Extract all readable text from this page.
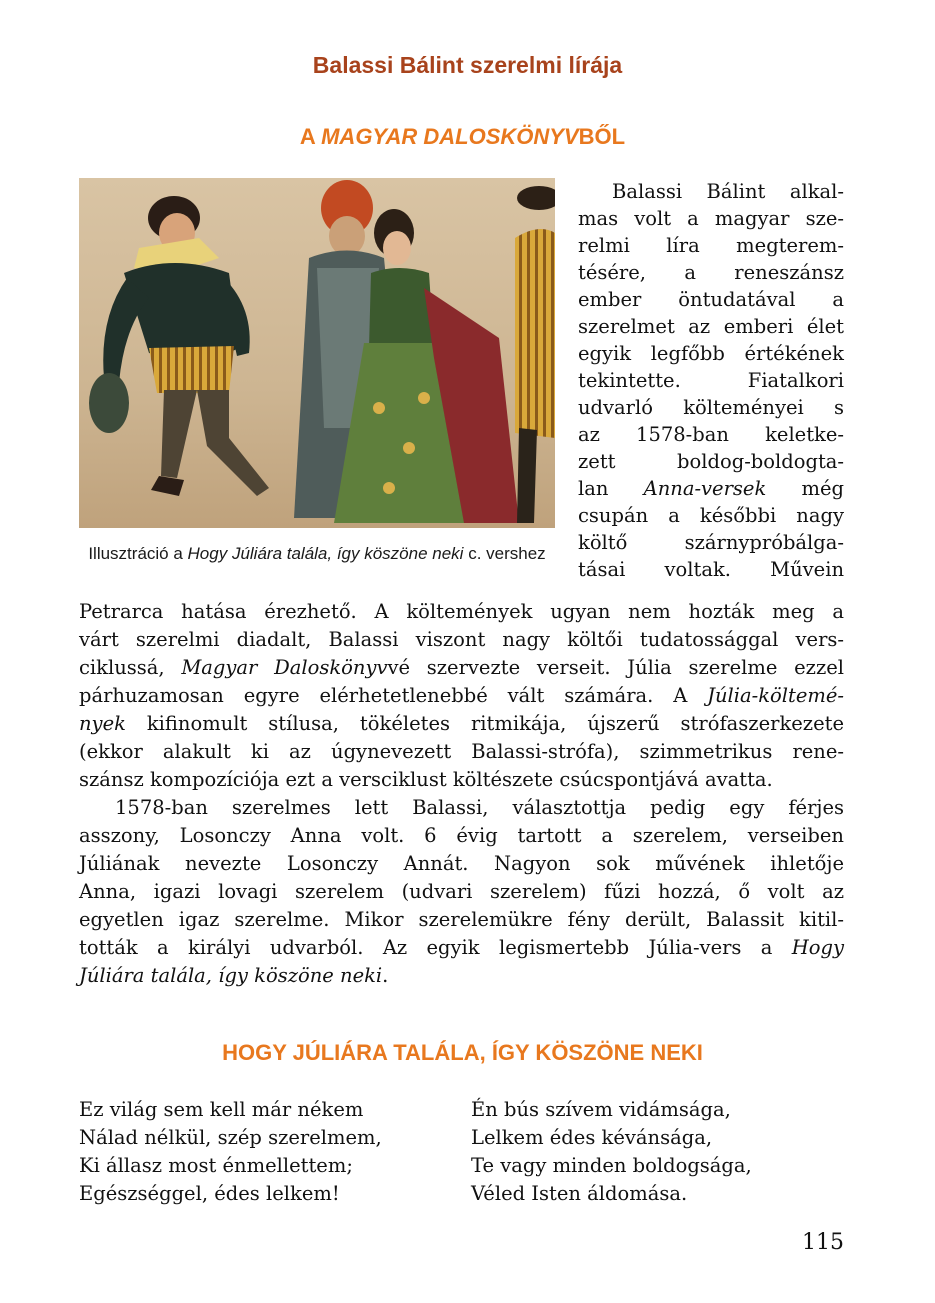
Balassi Bálint szerelmi lírája
A MAGYAR DALOSKÖNYVBŐL
Illusztráció a Hogy Júliára talála, így köszöne neki c. vershez
Balassi Bálint alkal-
mas volt a magyar sze-
relmi líra megterem-
tésére, a reneszánsz
ember öntudatával a
szerelmet az emberi élet
egyik legfőbb értékének
tekintette. Fiatalkori
udvarló költeményei s
az 1578-ban keletke-
zett boldog-boldogta-
lan Anna-versek még
csupán a későbbi nagy
költő szárnypróbálga-
tásai voltak. Művein
Petrarca hatása érezhető. A költemények ugyan nem hozták meg a
várt szerelmi diadalt, Balassi viszont nagy költői tudatossággal vers-
ciklussá, Magyar Daloskönyvvé szervezte verseit. Júlia szerelme ezzel
párhuzamosan egyre elérhetetlenebbé vált számára. A Júlia-költemé-
nyek kifinomult stílusa, tökéletes ritmikája, újszerű strófaszerkezete
(ekkor alakult ki az úgynevezett Balassi-strófa), szimmetrikus rene-
szánsz kompozíciója ezt a versciklust költészete csúcspontjává avatta.
1578-ban szerelmes lett Balassi, választottja pedig egy férjes
asszony, Losonczy Anna volt. 6 évig tartott a szerelem, verseiben
Júliának nevezte Losonczy Annát. Nagyon sok művének ihletője
Anna, igazi lovagi szerelem (udvari szerelem) fűzi hozzá, ő volt az
egyetlen igaz szerelme. Mikor szerelemükre fény derült, Balassit kitil-
tották a királyi udvarból. Az egyik legismertebb Júlia-vers a Hogy
Júliára talála, így köszöne neki.
HOGY JÚLIÁRA TALÁLA, ÍGY KÖSZÖNE NEKI
Ez világ sem kell már nékem
Nálad nélkül, szép szerelmem,
Ki állasz most énmellettem;
Egészséggel, édes lelkem!
Én bús szívem vidámsága,
Lelkem édes kévánsága,
Te vagy minden boldogsága,
Véled Isten áldomása.
115
